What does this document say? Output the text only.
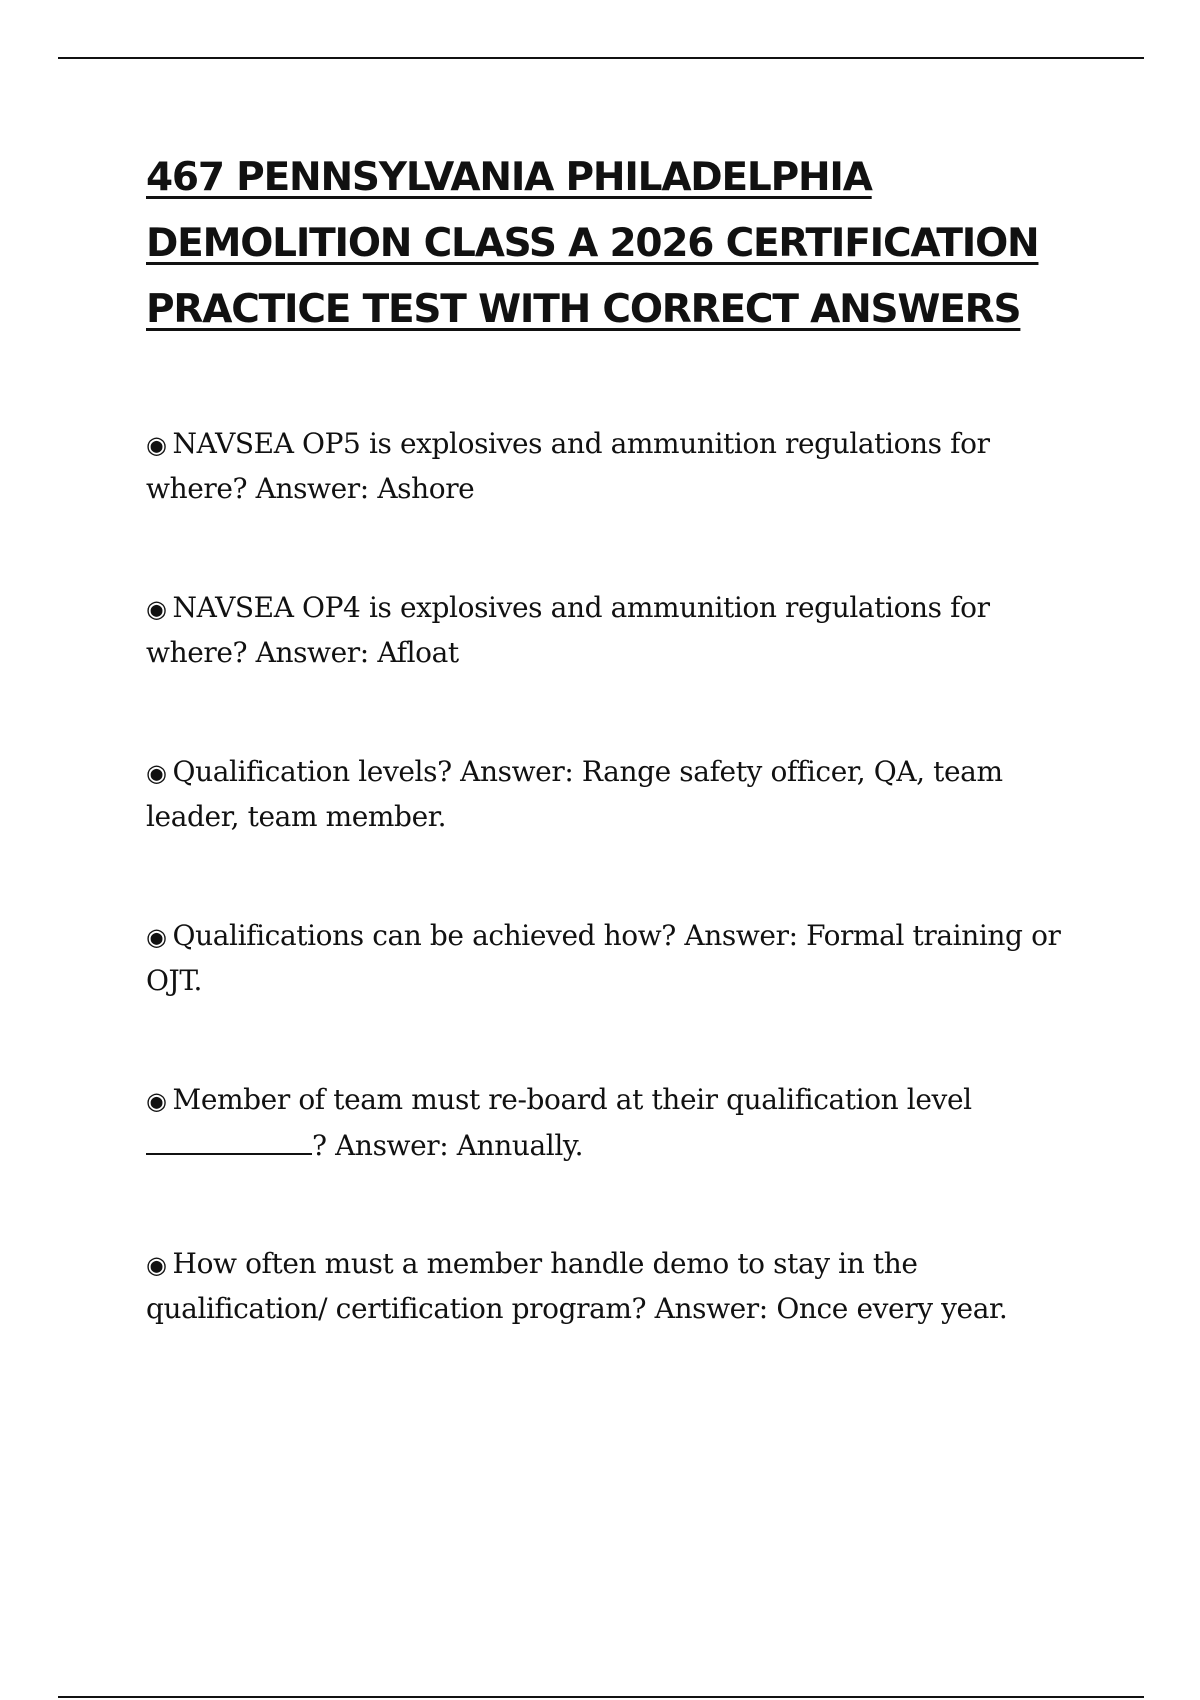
467 PENNSYLVANIA PHILADELPHIA
DEMOLITION CLASS A 2026 CERTIFICATION
PRACTICE TEST WITH CORRECT ANSWERS
◉ NAVSEA OP5 is explosives and ammunition regulations for where? Answer: Ashore
◉ NAVSEA OP4 is explosives and ammunition regulations for where? Answer: Afloat
◉ Qualification levels? Answer: Range safety officer, QA, team leader, team member.
◉ Qualifications can be achieved how? Answer: Formal training or OJT.
◉ Member of team must re-board at their qualification level
? Answer: Annually.
◉ How often must a member handle demo to stay in the qualification/ certification program? Answer: Once every year.
